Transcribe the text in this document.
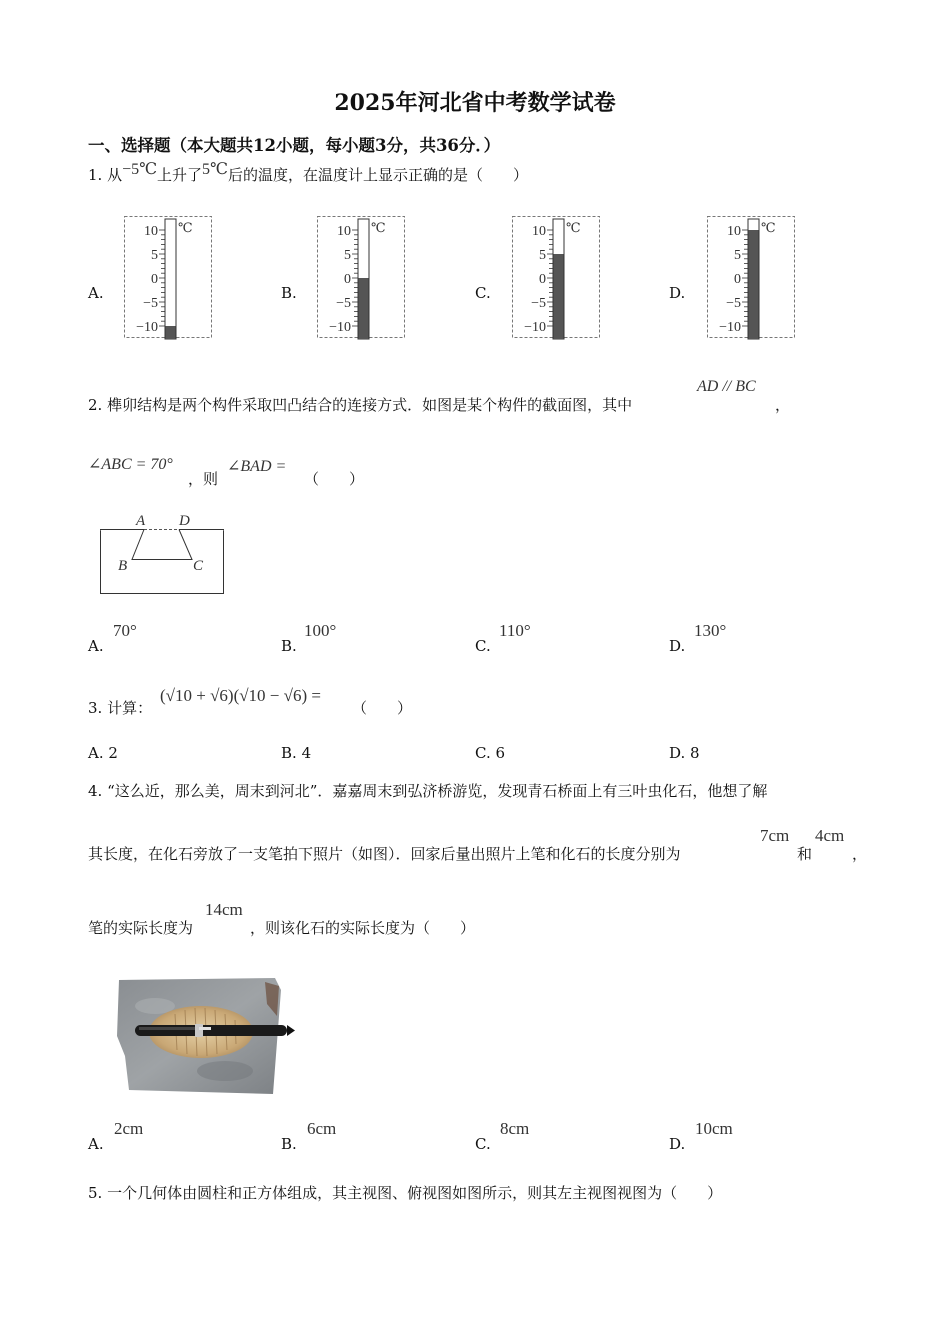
2025年河北省中考数学试卷
一、选择题（本大题共12小题，每小题3分，共36分．）
1. 从−5℃上升了5℃后的温度，在温度计上显示正确的是（　　）
A.	B.	C.	D.
10
5
0
−5
−10
℃	10
5
0
−5
−10
℃	10
5
0
−5
−10
℃	10
5
0
−5
−10
℃
2. 榫卯结构是两个构件采取凹凸结合的连接方式．如图是某个构件的截面图，其中
AD // BC
，
∠ABC = 70°
，则
∠BAD =
（　　）
A D
B	C
A.
70°
B.
100°
C.
110°
D.
130°
3. 计算：
(√10 + √6)(√10 − √6) =
（　　）
A. 2	B. 4	C. 6	D. 8
4. “这么近，那么美，周末到河北”．嘉嘉周末到弘济桥游览，发现青石桥面上有三叶虫化石，他想了解
其长度，在化石旁放了一支笔拍下照片（如图）．回家后量出照片上笔和化石的长度分别为
7cm
和
4cm
，
笔的实际长度为
14cm
，则该化石的实际长度为（　　）
A.
2cm
B.
6cm
C.
8cm
D.
10cm
5. 一个几何体由圆柱和正方体组成，其主视图、俯视图如图所示，则其左主视图视图为（　　）
